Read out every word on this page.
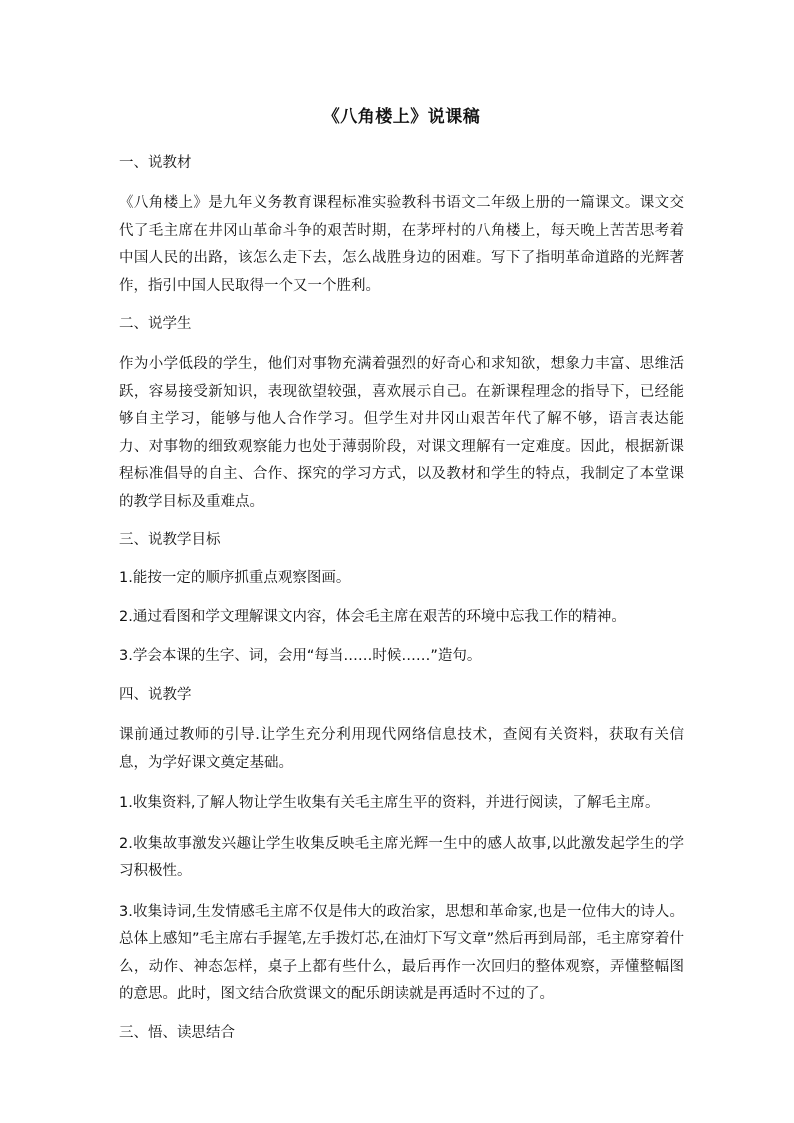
《八角楼上》说课稿
一、说教材

《八角楼上》是九年义务教育课程标准实验教科书语文二年级上册的一篇课文。课文交代了毛主席在井冈山革命斗争的艰苦时期，在茅坪村的八角楼上，每天晚上苦苦思考着中国人民的出路，该怎么走下去，怎么战胜身边的困难。写下了指明革命道路的光辉著作，指引中国人民取得一个又一个胜利。

二、说学生

作为小学低段的学生，他们对事物充满着强烈的好奇心和求知欲，想象力丰富、思维活跃，容易接受新知识，表现欲望较强，喜欢展示自己。在新课程理念的指导下，已经能够自主学习，能够与他人合作学习。但学生对井冈山艰苦年代了解不够，语言表达能力、对事物的细致观察能力也处于薄弱阶段，对课文理解有一定难度。因此，根据新课程标准倡导的自主、合作、探究的学习方式，以及教材和学生的特点，我制定了本堂课的教学目标及重难点。

三、说教学目标

1.能按一定的顺序抓重点观察图画。

2.通过看图和学文理解课文内容，体会毛主席在艰苦的环境中忘我工作的精神。

3.学会本课的生字、词，会用“每当……时候……”造句。

四、说教学

课前通过教师的引导.让学生充分利用现代网络信息技术，查阅有关资料，获取有关信息，为学好课文奠定基础。

1.收集资料,了解人物让学生收集有关毛主席生平的资料，并进行阅读，了解毛主席。

2.收集故事激发兴趣让学生收集反映毛主席光辉一生中的感人故事,以此激发起学生的学习积极性。

3.收集诗词,生发情感毛主席不仅是伟大的政治家，思想和革命家,也是一位伟大的诗人。总体上感知”毛主席右手握笔,左手拨灯芯,在油灯下写文章”然后再到局部，毛主席穿着什么，动作、神态怎样，桌子上都有些什么，最后再作一次回归的整体观察，弄懂整幅图的意思。此时，图文结合欣赏课文的配乐朗读就是再适时不过的了。

三、悟、读思结合
